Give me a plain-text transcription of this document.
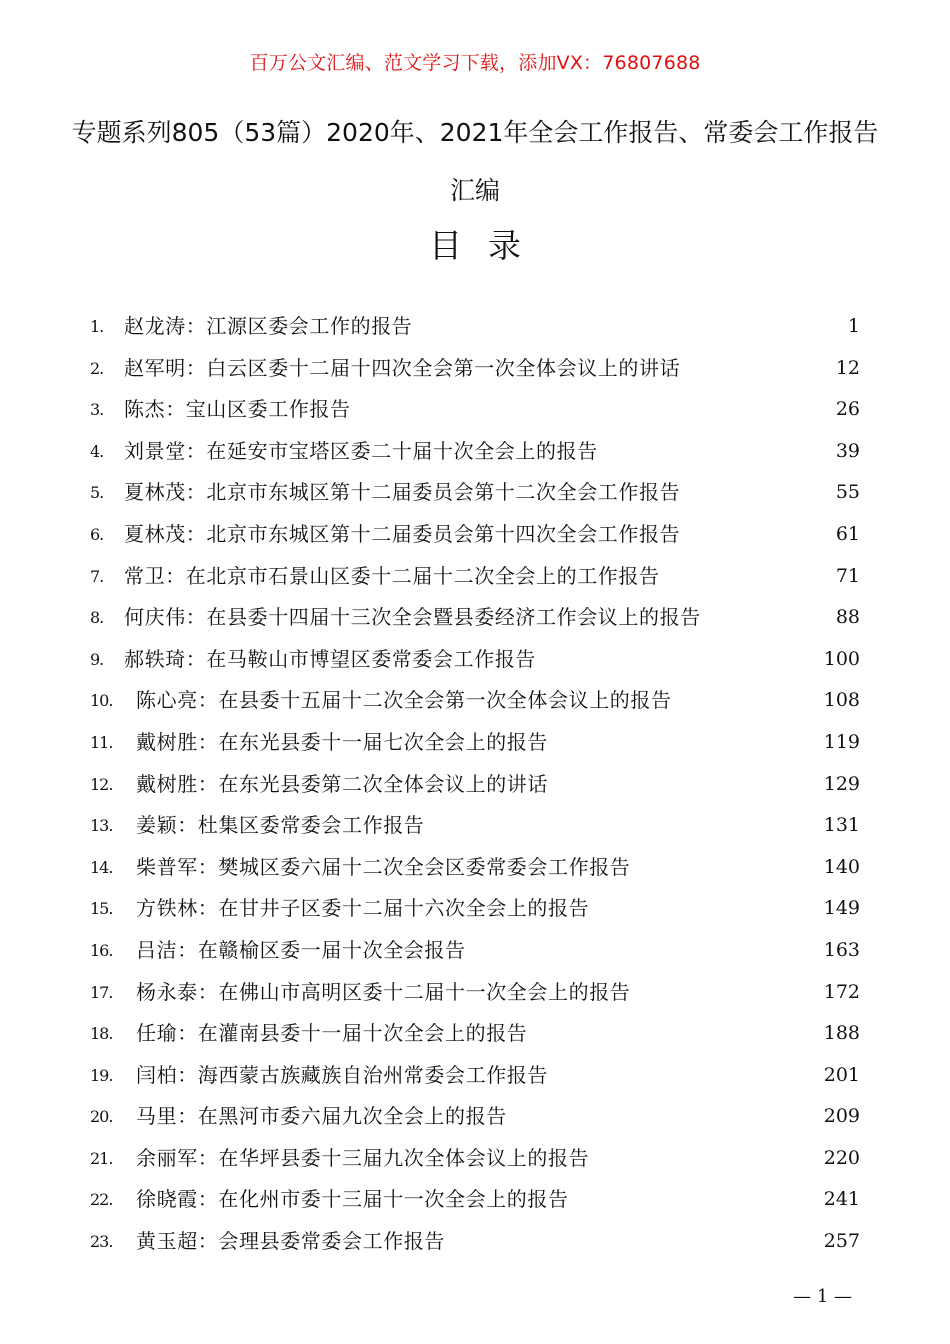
百万公文汇编、范文学习下载，添加VX：76807688
专题系列805（53篇）2020年、2021年全会工作报告、常委会工作报告汇编
目录
1. 赵龙涛：江源区委会工作的报告	1
2. 赵军明：白云区委十二届十四次全会第一次全体会议上的讲话	12
3. 陈杰：宝山区委工作报告	26
4. 刘景堂：在延安市宝塔区委二十届十次全会上的报告	39
5. 夏林茂：北京市东城区第十二届委员会第十二次全会工作报告	55
6. 夏林茂：北京市东城区第十二届委员会第十四次全会工作报告	61
7. 常卫：在北京市石景山区委十二届十二次全会上的工作报告	71
8. 何庆伟：在县委十四届十三次全会暨县委经济工作会议上的报告	88
9. 郝轶琦：在马鞍山市博望区委常委会工作报告	100
10. 陈心亮：在县委十五届十二次全会第一次全体会议上的报告	108
11. 戴树胜：在东光县委十一届七次全会上的报告	119
12. 戴树胜：在东光县委第二次全体会议上的讲话	129
13. 姜颖：杜集区委常委会工作报告	131
14. 柴普军：樊城区委六届十二次全会区委常委会工作报告	140
15. 方铁林：在甘井子区委十二届十六次全会上的报告	149
16. 吕洁：在赣榆区委一届十次全会报告	163
17. 杨永泰：在佛山市高明区委十二届十一次全会上的报告	172
18. 任瑜：在灌南县委十一届十次全会上的报告	188
19. 闫柏：海西蒙古族藏族自治州常委会工作报告	201
20. 马里：在黑河市委六届九次全会上的报告	209
21. 余丽军：在华坪县委十三届九次全体会议上的报告	220
22. 徐晓霞：在化州市委十三届十一次全会上的报告	241
23. 黄玉超：会理县委常委会工作报告	257
— 1 —
